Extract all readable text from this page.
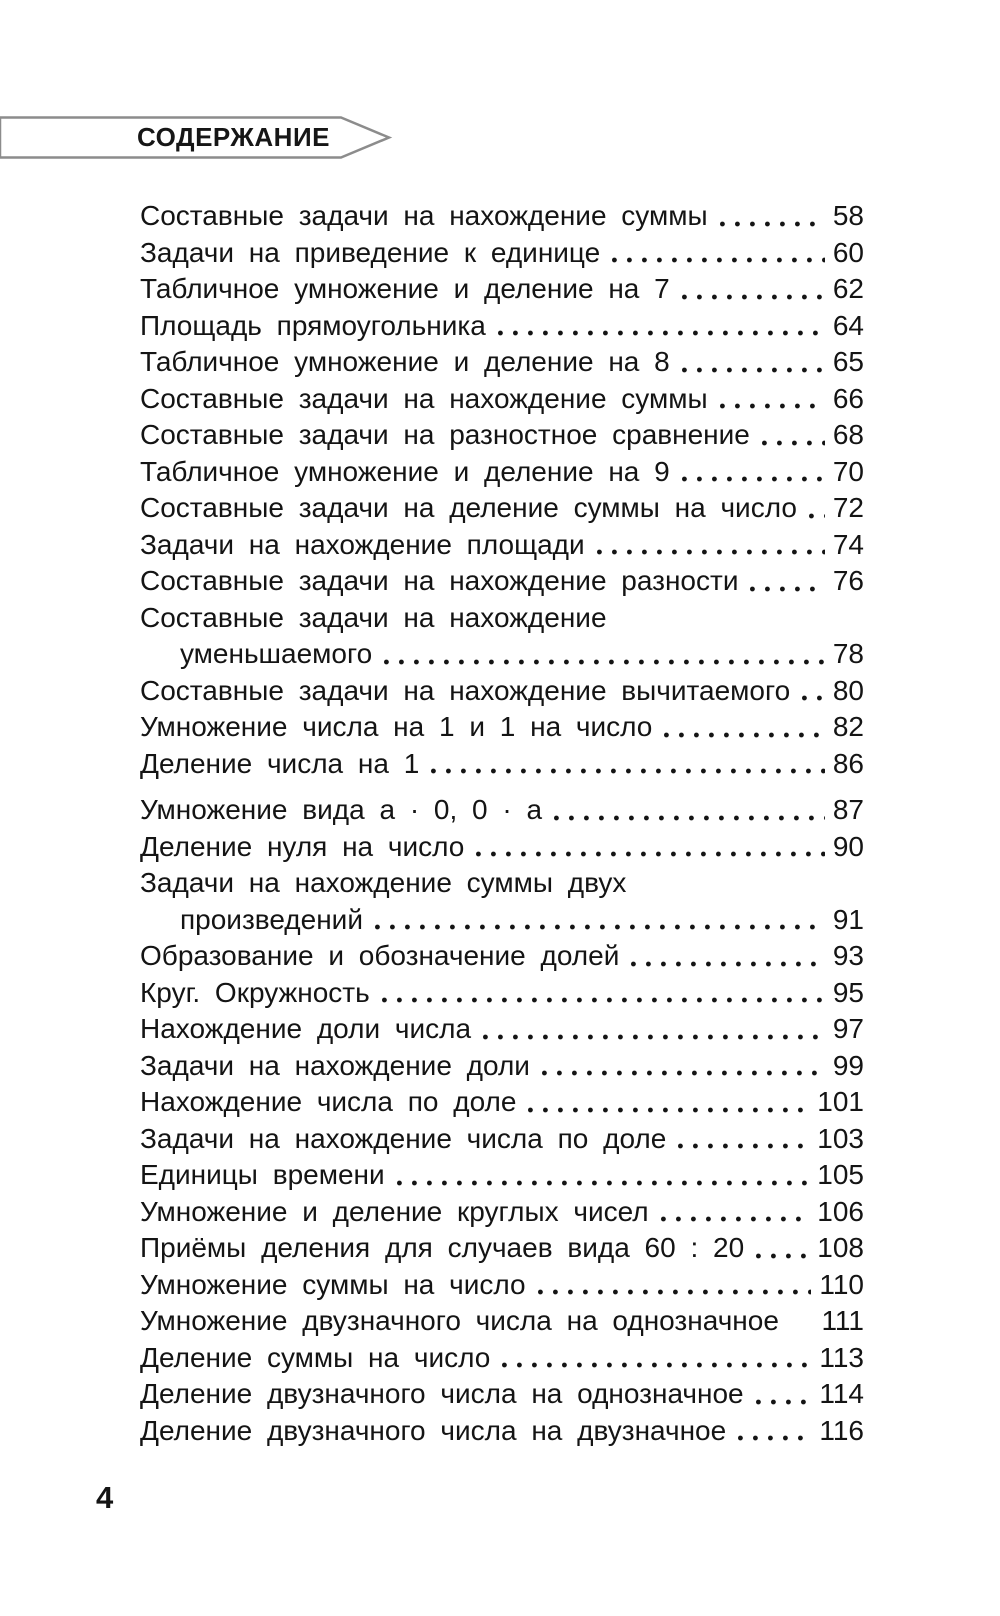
СОДЕРЖАНИЕ
Составные задачи на нахождение суммы	58
Задачи на приведение к единице	60
Табличное умножение и деление на 7	62
Площадь прямоугольника	64
Табличное умножение и деление на 8	65
Составные задачи на нахождение суммы	66
Составные задачи на разностное сравнение	68
Табличное умножение и деление на 9	70
Составные задачи на деление суммы на число 72
Задачи на нахождение площади	74
Составные задачи на нахождение разности	76
Составные задачи на нахождение
уменьшаемого	78
Составные задачи на нахождение вычитаемого 80
Умножение числа на 1 и 1 на число	82
Деление числа на 1	86
Умножение вида а · 0, 0 · а	87
Деление нуля на число	90
Задачи на нахождение суммы двух
произведений	91
Образование и обозначение долей	93
Круг. Окружность	95
Нахождение доли числа	97
Задачи на нахождение доли	99
Нахождение числа по доле	101
Задачи на нахождение числа по доле	103
Единицы времени	105
Умножение и деление круглых чисел	106
Приёмы деления для случаев вида 60 : 20	108
Умножение суммы на число	110
Умножение двузначного числа на однозначное 111
Деление суммы на число	113
Деление двузначного числа на однозначное	114
Деление двузначного числа на двузначное	116
4
